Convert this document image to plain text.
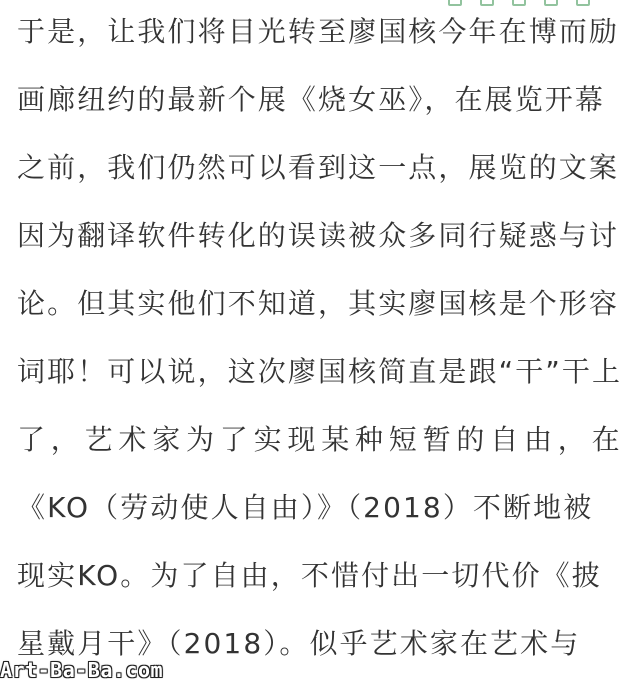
于是，让我们将目光转至廖国核今年在博而励
画廊纽约的最新个展《烧女巫》，在展览开幕
之前，我们仍然可以看到这一点，展览的文案
因为翻译软件转化的误读被众多同行疑惑与讨
论。但其实他们不知道，其实廖国核是个形容
词耶！可以说，这次廖国核简直是跟“干”干上
了，艺术家为了实现某种短暂的自由，在
《KO（劳动使人自由）》（2018）不断地被
现实KO。为了自由，不惜付出一切代价《披
星戴月干》（2018）。似乎艺术家在艺术与
Art-Ba-Ba.com
